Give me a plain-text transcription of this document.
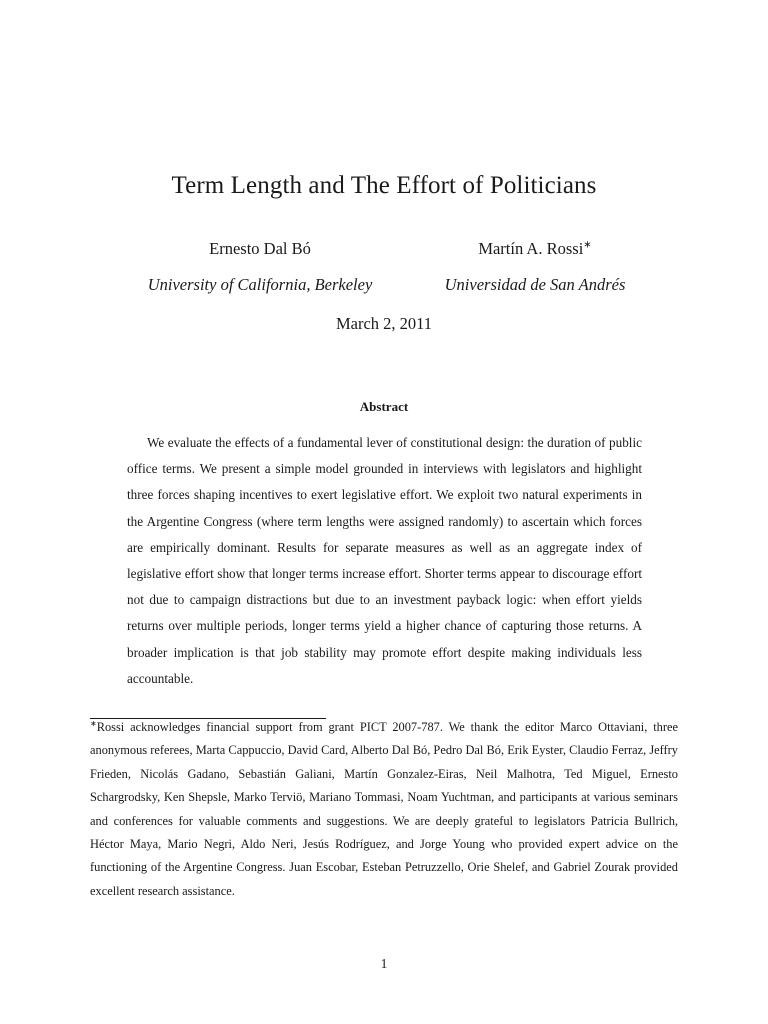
Term Length and The Effort of Politicians
Ernesto Dal Bó
University of California, Berkeley
Martín A. Rossi∗
Universidad de San Andrés
March 2, 2011
Abstract

We evaluate the effects of a fundamental lever of constitutional design: the duration of public office terms. We present a simple model grounded in interviews with legislators and highlight three forces shaping incentives to exert legislative effort. We exploit two natural experiments in the Argentine Congress (where term lengths were assigned randomly) to ascertain which forces are empirically dominant. Results for separate measures as well as an aggregate index of legislative effort show that longer terms increase effort. Shorter terms appear to discourage effort not due to campaign distractions but due to an investment payback logic: when effort yields returns over multiple periods, longer terms yield a higher chance of capturing those returns. A broader implication is that job stability may promote effort despite making individuals less accountable.

∗Rossi acknowledges financial support from grant PICT 2007-787. We thank the editor Marco Ottaviani, three anonymous referees, Marta Cappuccio, David Card, Alberto Dal Bó, Pedro Dal Bó, Erik Eyster, Claudio Ferraz, Jeffry Frieden, Nicolás Gadano, Sebastián Galiani, Martín Gonzalez-Eiras, Neil Malhotra, Ted Miguel, Ernesto Schargrodsky, Ken Shepsle, Marko Terviö, Mariano Tommasi, Noam Yuchtman, and participants at various seminars and conferences for valuable comments and suggestions. We are deeply grateful to legislators Patricia Bullrich, Héctor Maya, Mario Negri, Aldo Neri, Jesús Rodríguez, and Jorge Young who provided expert advice on the functioning of the Argentine Congress. Juan Escobar, Esteban Petruzzello, Orie Shelef, and Gabriel Zourak provided excellent research assistance.

1
